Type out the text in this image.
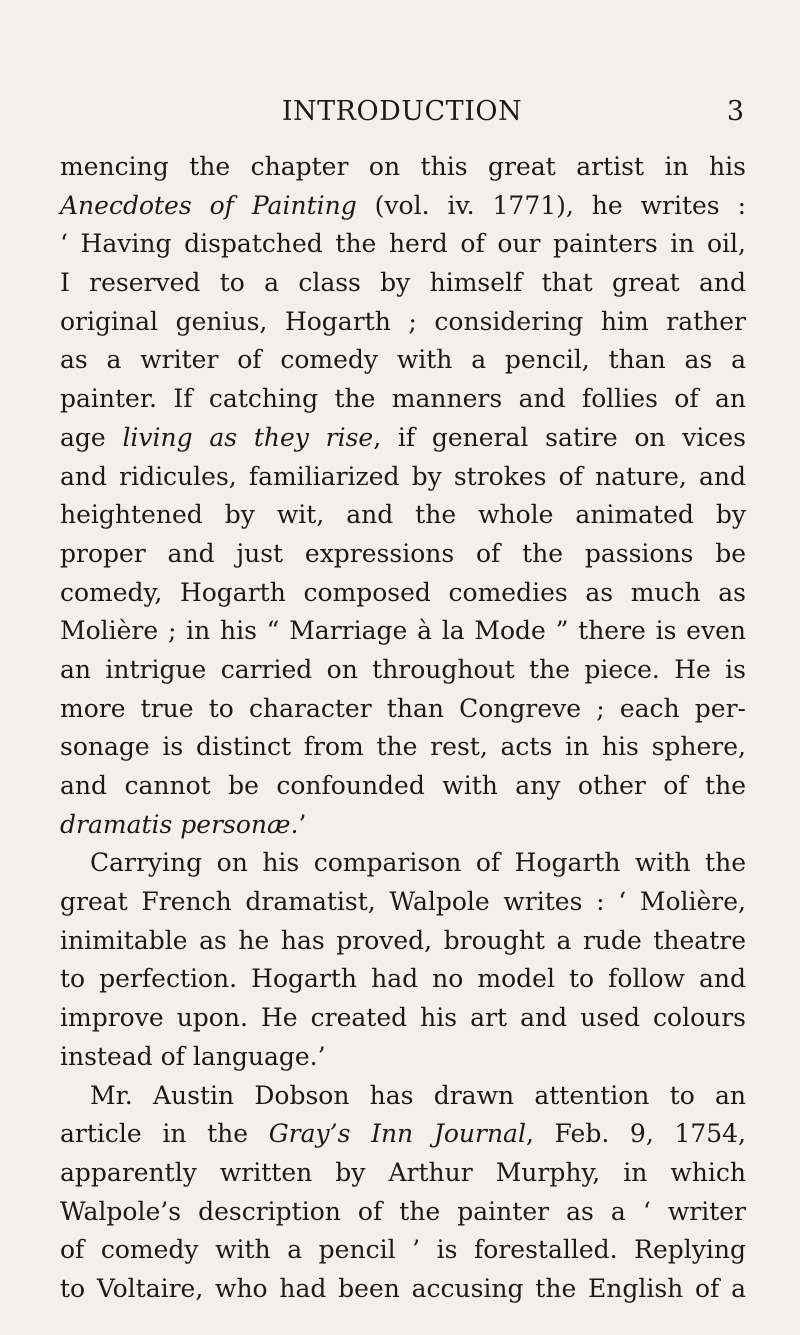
INTRODUCTION	3
mencing the chapter on this great artist in his
Anecdotes of Painting (vol. iv. 1771), he writes :
‘ Having dispatched the herd of our painters in oil,
I reserved to a class by himself that great and
original genius, Hogarth ; considering him rather
as a writer of comedy with a pencil, than as a
painter. If catching the manners and follies of an
age living as they rise, if general satire on vices
and ridicules, familiarized by strokes of nature, and
heightened by wit, and the whole animated by
proper and just expressions of the passions be
comedy, Hogarth composed comedies as much as
Molière ; in his “ Marriage à la Mode ” there is even
an intrigue carried on throughout the piece. He is
more true to character than Congreve ; each per-
sonage is distinct from the rest, acts in his sphere,
and cannot be confounded with any other of the
dramatis personæ.’
Carrying on his comparison of Hogarth with the
great French dramatist, Walpole writes : ‘ Molière,
inimitable as he has proved, brought a rude theatre
to perfection. Hogarth had no model to follow and
improve upon. He created his art and used colours
instead of language.’
Mr. Austin Dobson has drawn attention to an
article in the Gray’s Inn Journal, Feb. 9, 1754,
apparently written by Arthur Murphy, in which
Walpole’s description of the painter as a ‘ writer
of comedy with a pencil ’ is forestalled. Replying
to Voltaire, who had been accusing the English of a
